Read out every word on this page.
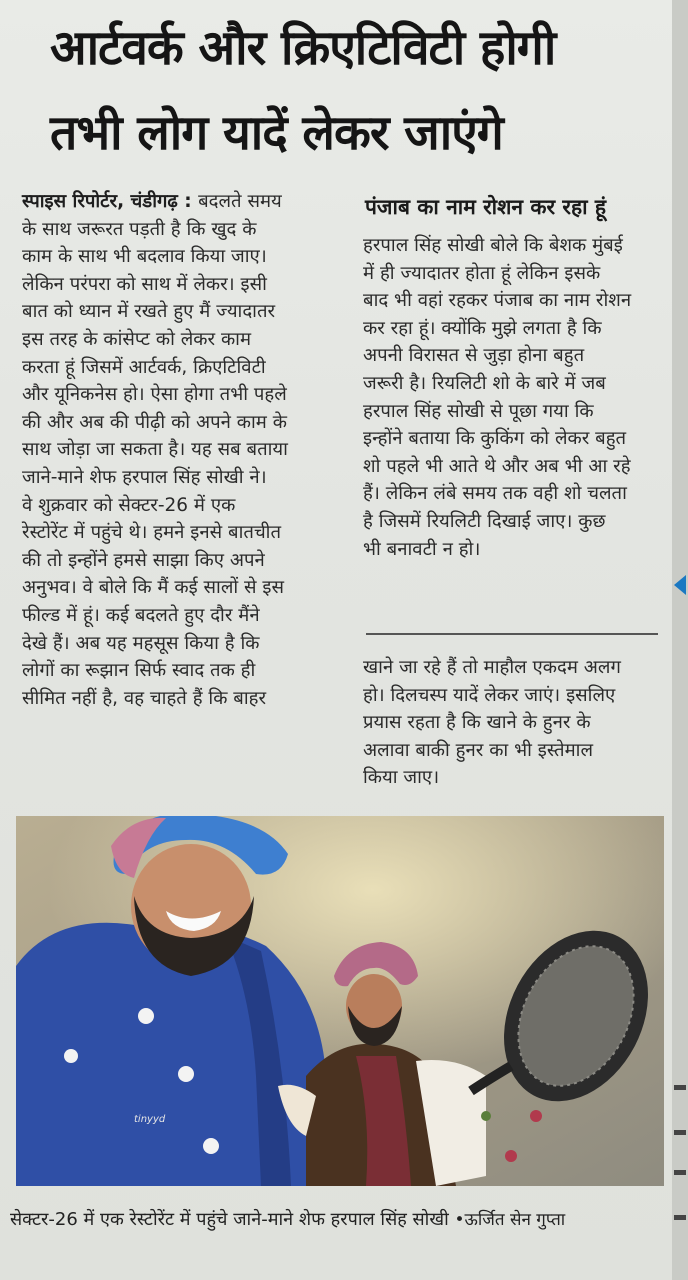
आर्टवर्क और क्रिएटिविटी होगी
तभी लोग यादें लेकर जाएंगे

स्पाइस रिपोर्टर, चंडीगढ़ : बदलते समय

के साथ जरूरत पड़ती है कि खुद के

काम के साथ भी बदलाव किया जाए।

लेकिन परंपरा को साथ में लेकर। इसी

बात को ध्यान में रखते हुए मैं ज्यादातर

इस तरह के कांसेप्ट को लेकर काम

करता हूं जिसमें आर्टवर्क, क्रिएटिविटी

और यूनिकनेस हो। ऐसा होगा तभी पहले

की और अब की पीढ़ी को अपने काम के

साथ जोड़ा जा सकता है। यह सब बताया

जाने-माने शेफ हरपाल सिंह सोखी ने।

वे शुक्रवार को सेक्टर-26 में एक

रेस्टोरेंट में पहुंचे थे। हमने इनसे बातचीत

की तो इन्होंने हमसे साझा किए अपने

अनुभव। वे बोले कि मैं कई सालों से इस

फील्ड में हूं। कई बदलते हुए दौर मैंने

देखे हैं। अब यह महसूस किया है कि

लोगों का रूझान सिर्फ स्वाद तक ही

सीमित नहीं है, वह चाहते हैं कि बाहर

पंजाब का नाम रोशन कर रहा हूं

हरपाल सिंह सोखी बोले कि बेशक मुंबई

में ही ज्यादातर होता हूं लेकिन इसके

बाद भी वहां रहकर पंजाब का नाम रोशन

कर रहा हूं। क्योंकि मुझे लगता है कि

अपनी विरासत से जुड़ा होना बहुत

जरूरी है। रियलिटी शो के बारे में जब

हरपाल सिंह सोखी से पूछा गया कि

इन्होंने बताया कि कुकिंग को लेकर बहुत

शो पहले भी आते थे और अब भी आ रहे

हैं। लेकिन लंबे समय तक वही शो चलता

है जिसमें रियलिटी दिखाई जाए। कुछ

भी बनावटी न हो।

खाने जा रहे हैं तो माहौल एकदम अलग

हो। दिलचस्प यादें लेकर जाएं। इसलिए

प्रयास रहता है कि खाने के हुनर के

अलावा बाकी हुनर का भी इस्तेमाल

किया जाए।

tinyyd
सेक्टर-26 में एक रेस्टोरेंट में पहुंचे जाने-माने शेफ हरपाल सिंह सोखी •ऊर्जित सेन गुप्ता
